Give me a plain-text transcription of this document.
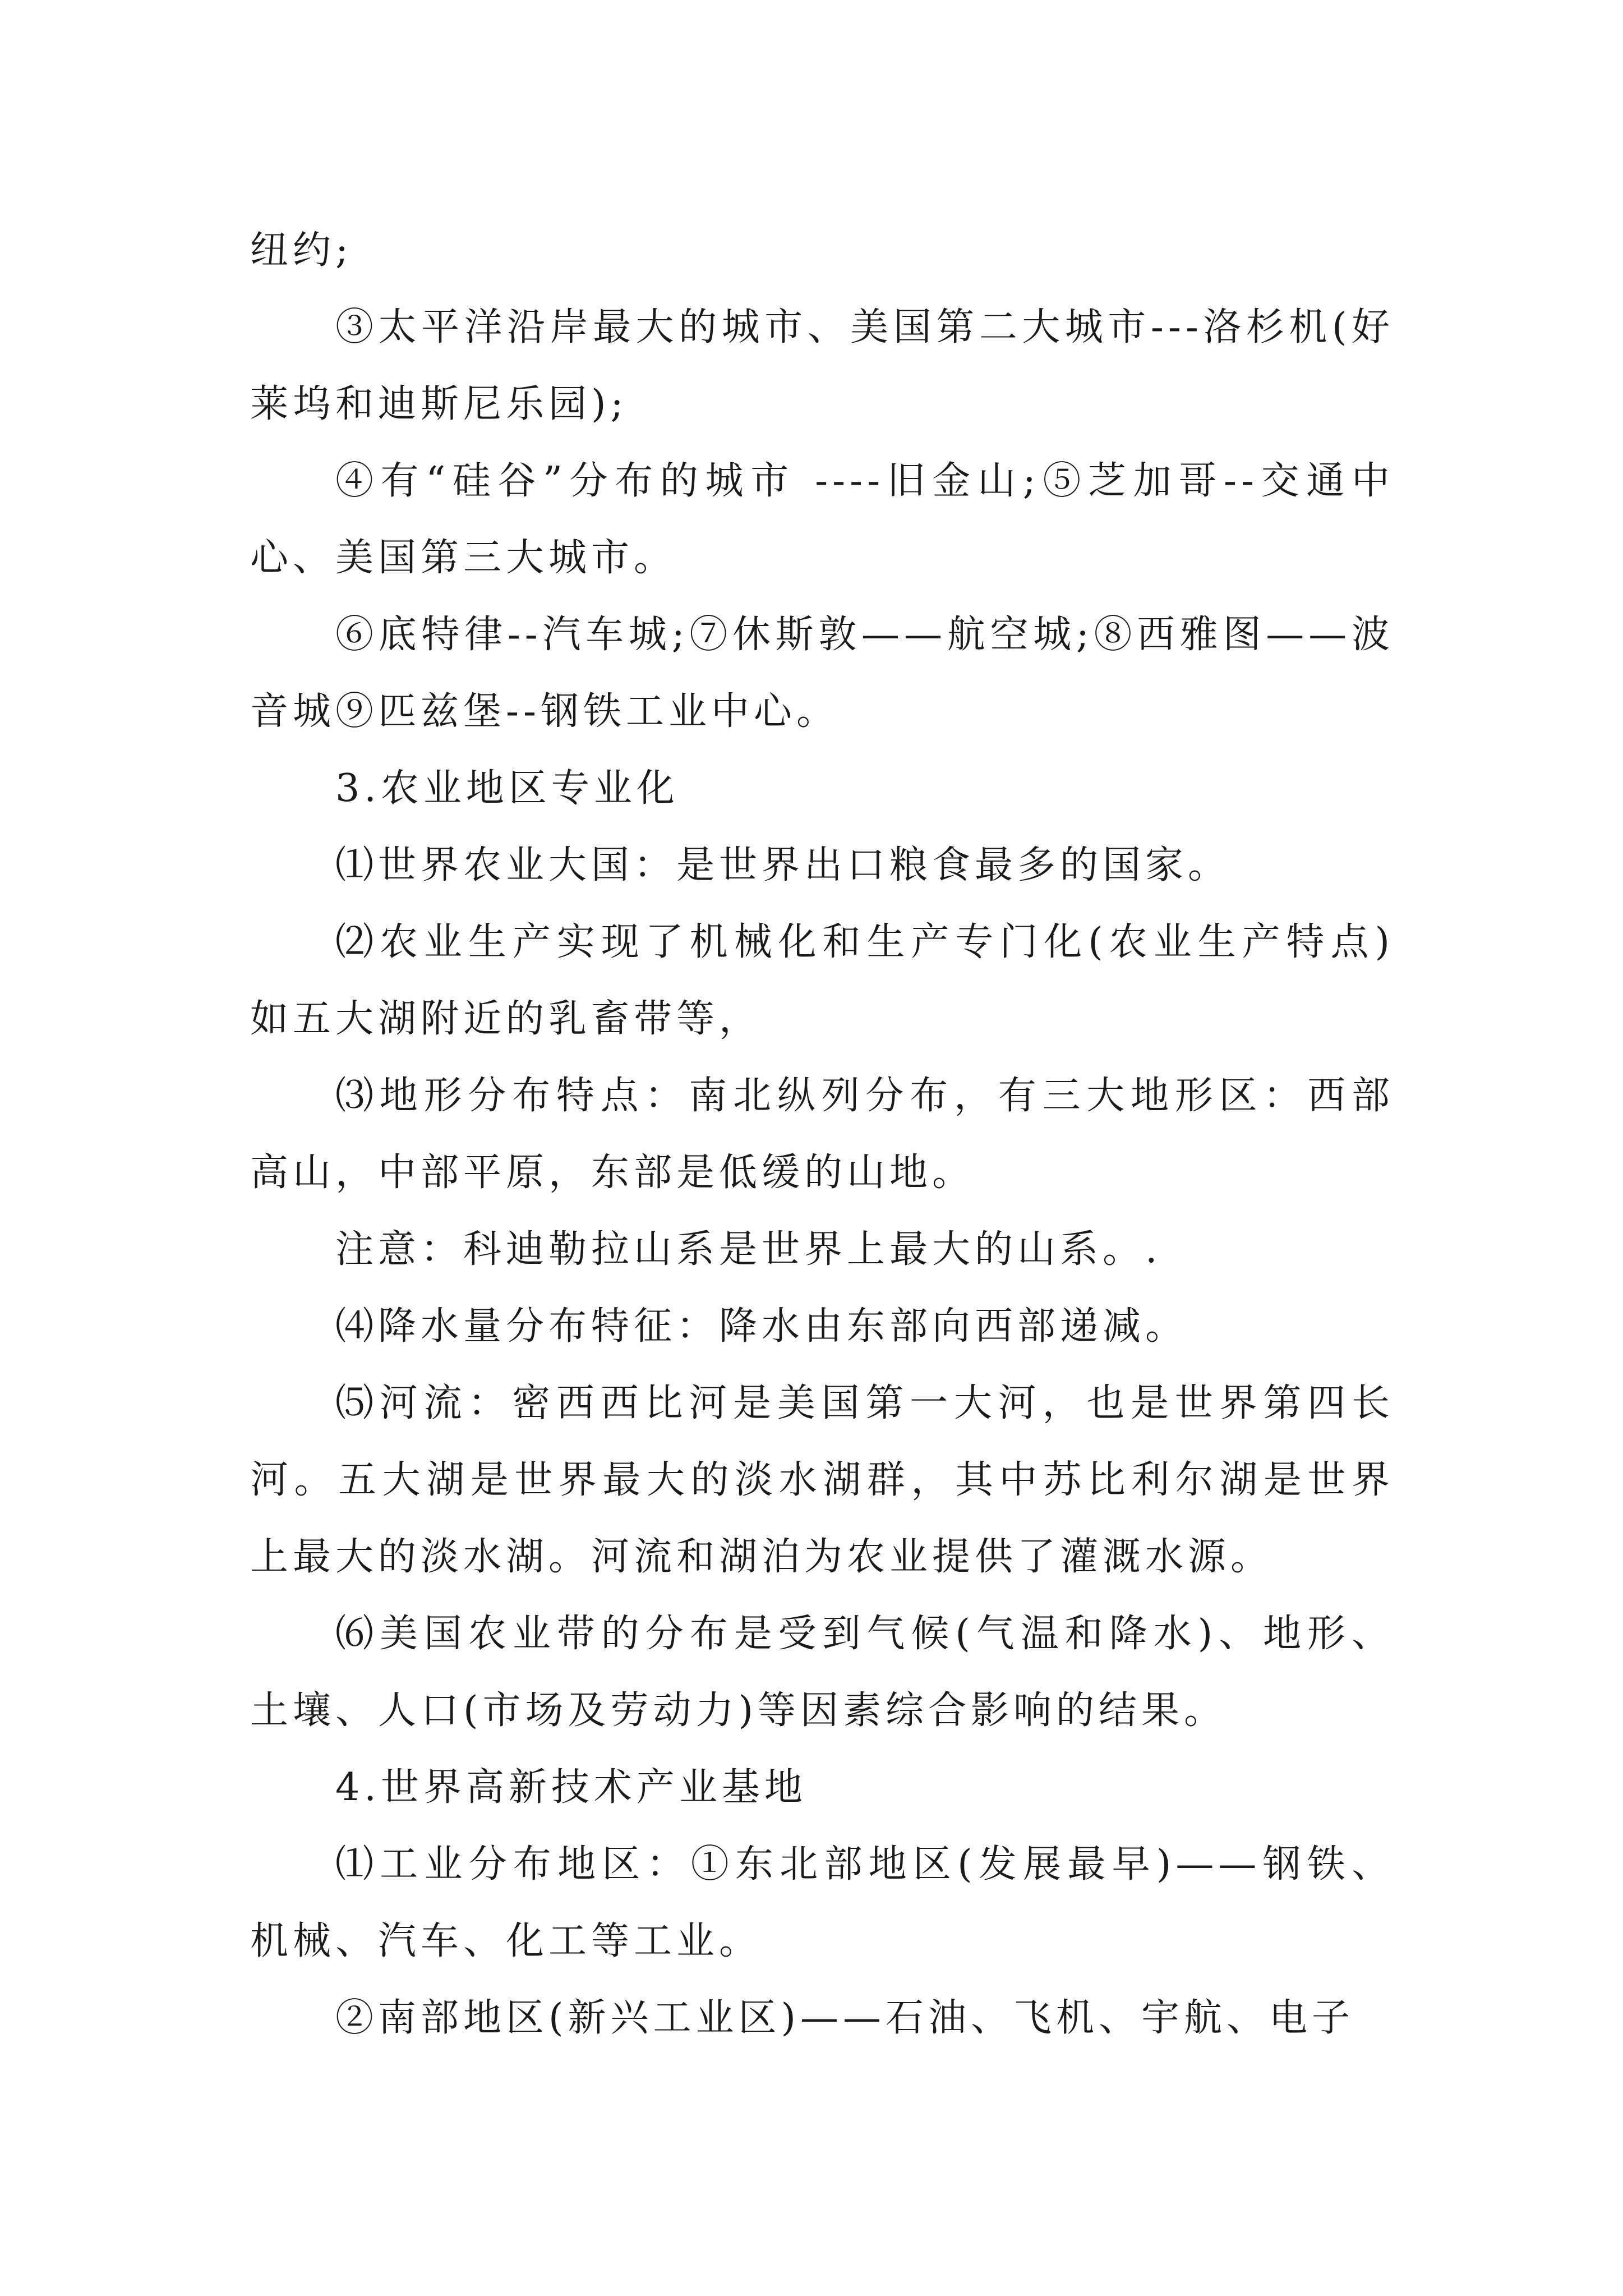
纽约;

③太平洋沿岸最大的城市、美国第二大城市---洛杉机(好莱坞和迪斯尼乐园);

④有“硅谷”分布的城市 ----旧金山;⑤芝加哥--交通中心、美国第三大城市。

⑥底特律--汽车城;⑦休斯敦——航空城;⑧西雅图——波音城⑨匹兹堡--钢铁工业中心。

3.农业地区专业化

⑴世界农业大国：是世界出口粮食最多的国家。

⑵农业生产实现了机械化和生产专门化(农业生产特点)如五大湖附近的乳畜带等，

⑶地形分布特点：南北纵列分布，有三大地形区：西部高山，中部平原，东部是低缓的山地。

注意：科迪勒拉山系是世界上最大的山系。.

⑷降水量分布特征：降水由东部向西部递减。

⑸河流：密西西比河是美国第一大河，也是世界第四长河。五大湖是世界最大的淡水湖群，其中苏比利尔湖是世界上最大的淡水湖。河流和湖泊为农业提供了灌溉水源。

⑹美国农业带的分布是受到气候(气温和降水)、地形、土壤、人口(市场及劳动力)等因素综合影响的结果。

4.世界高新技术产业基地

⑴工业分布地区：①东北部地区(发展最早)——钢铁、机械、汽车、化工等工业。

②南部地区(新兴工业区)——石油、飞机、宇航、电子
